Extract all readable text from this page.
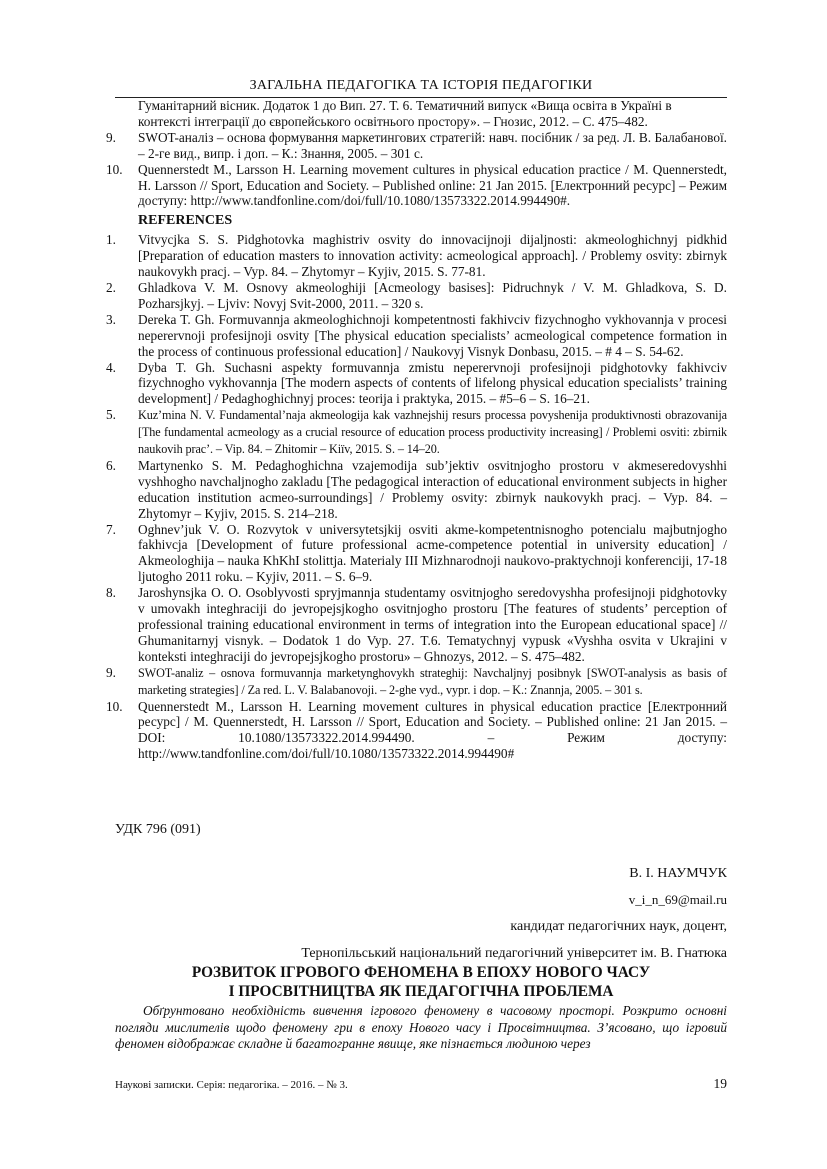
ЗАГАЛЬНА ПЕДАГОГІКА ТА ІСТОРІЯ ПЕДАГОГІКИ
Гуманітарний вісник. Додаток 1 до Вип. 27. Т. 6. Тематичний випуск «Вища освіта в Україні в
контексті інтеграції до європейського освітнього простору». – Гнозис, 2012. – С. 475–482.
9.	SWOT-аналіз – основа формування маркетингових стратегій: навч. посібник / за ред. Л. В. Балабанової. – 2-ге вид., випр. і доп. – К.: Знання, 2005. – 301 с.
10.	Quennerstedt M., Larsson H. Learning movement cultures in physical education practice / M. Quennerstedt, H. Larsson // Sport, Education and Society. – Published online: 21 Jan 2015. [Електронний ресурс] – Режим доступу: http://www.tandfonline.com/doi/full/10.1080/13573322.2014.994490#.
REFERENCES
1.	Vitvycjka S. S. Pidghotovka maghistriv osvity do innovacijnoji dijaljnosti: akmeologhichnyj pidkhid [Preparation of education masters to innovation activity: acmeological approach]. / Problemy osvity: zbirnyk naukovykh pracj. – Vyp. 84. – Zhytomyr – Kyjiv, 2015. S. 77-81.
2.	Ghladkova V. M. Osnovy akmeologhiji [Acmeology basises]: Pidruchnyk / V. M. Ghladkova, S. D. Pozharsjkyj. – Ljviv: Novyj Svit-2000, 2011. – 320 s.
3.	Dereka T. Gh. Formuvannja akmeologhichnoji kompetentnosti fakhivciv fizychnogho vykhovannja v procesi neperervnoji profesijnoji osvity [The physical education specialists’ acmeological competence formation in the process of continuous professional education] / Naukovyj Visnyk Donbasu, 2015. – # 4 – S. 54-62.
4.	Dyba T. Gh. Suchasni aspekty formuvannja zmistu neperervnoji profesijnoji pidghotovky fakhivciv fizychnogho vykhovannja [The modern aspects of contents of lifelong physical education specialists’ training development] / Pedaghoghichnyj proces: teorija i praktyka, 2015. – #5–6 – S. 16–21.
5.	Kuz’mina N. V. Fundamental’naja akmeologija kak vazhnejshij resurs processa povyshenija produktivnosti obrazovanija [The fundamental acmeology as a crucial resource of education process productivity increasing] / Problemi osviti: zbirnik naukovih prac’. – Vip. 84. – Zhitomir – Kiїv, 2015. S. – 14–20.
6.	Martynenko S. M. Pedaghoghichna vzajemodija sub’jektiv osvitnjogho prostoru v akmeseredovyshhi vyshhogho navchaljnogho zakladu [The pedagogical interaction of educational environment subjects in higher education institution acmeo-surroundings] / Problemy osvity: zbirnyk naukovykh pracj. – Vyp. 84. – Zhytomyr – Kyjiv, 2015. S. 214–218.
7.	Oghnev’juk V. O. Rozvytok v universytetsjkij osviti akme-kompetentnisnogho potencialu majbutnjogho fakhivcja [Development of future professional acme-competence potential in university education] / Akmeologhija – nauka KhKhI stolittja. Materialy III Mizhnarodnoji naukovo-praktychnoji konferenciji, 17-18 ljutogho 2011 roku. – Kyjiv, 2011. – S. 6–9.
8.	Jaroshynsjka O. O. Osoblyvosti spryjmannja studentamy osvitnjogho seredovyshha profesijnoji pidghotovky v umovakh integhraciji do jevropejsjkogho osvitnjogho prostoru [The features of students’ perception of professional training educational environment in terms of integration into the European educational space] // Ghumanitarnyj visnyk. – Dodatok 1 do Vyp. 27. T.6. Tematychnyj vypusk «Vyshha osvita v Ukrajini v konteksti integhraciji do jevropejsjkogho prostoru» – Ghnozys, 2012. – S. 475–482.
9.	SWOT-analiz – osnova formuvannja marketynghovykh strateghij: Navchaljnyj posibnyk [SWOT-analysis as basis of marketing strategies] / Za red. L. V. Balabanovoji. – 2-ghe vyd., vypr. i dop. – K.: Znannja, 2005. – 301 s.
10.	Quennerstedt M., Larsson H. Learning movement cultures in physical education practice [Електронний ресурс] / M. Quennerstedt, H. Larsson // Sport, Education and Society. – Published online: 21 Jan 2015. – DOI: 10.1080/13573322.2014.994490. – Режим доступу: http://www.tandfonline.com/doi/full/10.1080/13573322.2014.994490#
УДК 796 (091)
В. І. НАУМЧУК
v_i_n_69@mail.ru
кандидат педагогічних наук, доцент,
Тернопільський національний педагогічний університет ім. В. Гнатюка
РОЗВИТОК ІГРОВОГО ФЕНОМЕНА В ЕПОХУ НОВОГО ЧАСУ
І ПРОСВІТНИЦТВА ЯК ПЕДАГОГІЧНА ПРОБЛЕМА
Обґрунтовано необхідність вивчення ігрового феномену в часовому просторі. Розкрито основні погляди мислителів щодо феномену гри в епоху Нового часу і Просвітництва. З’ясовано, що ігровий феномен відображає складне й багатогранне явище, яке пізнається людиною через
Наукові записки. Серія: педагогіка. – 2016. – № 3.	19
